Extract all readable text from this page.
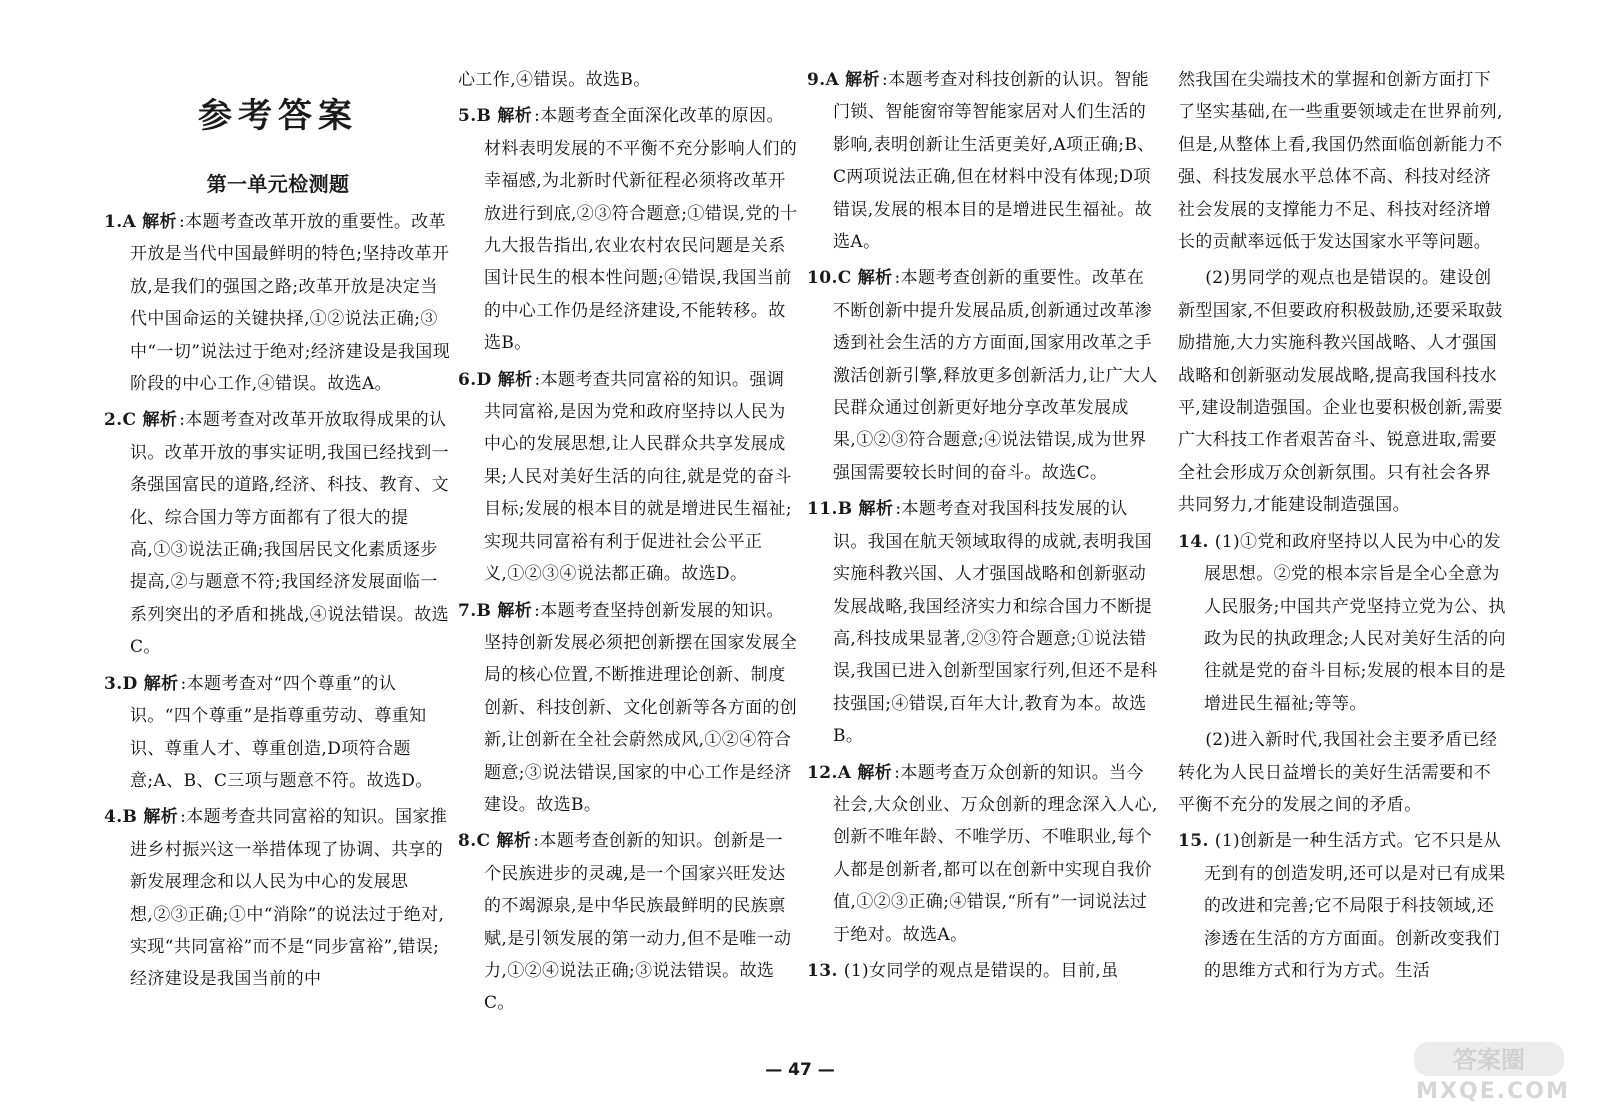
参考答案
第一单元检测题
1.A 解析 :本题考查改革开放的重要性。改革开放是当代中国最鲜明的特色;坚持改革开放,是我们的强国之路;改革开放是决定当代中国命运的关键抉择,①②说法正确;③中“一切”说法过于绝对;经济建设是我国现阶段的中心工作,④错误。故选A。
2.C 解析 :本题考查对改革开放取得成果的认识。改革开放的事实证明,我国已经找到一条强国富民的道路,经济、科技、教育、文化、综合国力等方面都有了很大的提高,①③说法正确;我国居民文化素质逐步提高,②与题意不符;我国经济发展面临一系列突出的矛盾和挑战,④说法错误。故选C。
3.D 解析 :本题考查对“四个尊重”的认识。“四个尊重”是指尊重劳动、尊重知识、尊重人才、尊重创造,D项符合题意;A、B、C三项与题意不符。故选D。
4.B 解析 :本题考查共同富裕的知识。国家推进乡村振兴这一举措体现了协调、共享的新发展理念和以人民为中心的发展思想,②③正确;①中“消除”的说法过于绝对,实现“共同富裕”而不是“同步富裕”,错误;经济建设是我国当前的中
心工作,④错误。故选B。
5.B 解析 :本题考查全面深化改革的原因。材料表明发展的不平衡不充分影响人们的幸福感,为北新时代新征程必须将改革开放进行到底,②③符合题意;①错误,党的十九大报告指出,农业农村农民问题是关系国计民生的根本性问题;④错误,我国当前的中心工作仍是经济建设,不能转移。故选B。
6.D 解析 :本题考查共同富裕的知识。强调共同富裕,是因为党和政府坚持以人民为中心的发展思想,让人民群众共享发展成果;人民对美好生活的向往,就是党的奋斗目标;发展的根本目的就是增进民生福祉;实现共同富裕有利于促进社会公平正义,①②③④说法都正确。故选D。
7.B 解析 :本题考查坚持创新发展的知识。坚持创新发展必须把创新摆在国家发展全局的核心位置,不断推进理论创新、制度创新、科技创新、文化创新等各方面的创新,让创新在全社会蔚然成风,①②④符合题意;③说法错误,国家的中心工作是经济建设。故选B。
8.C 解析 :本题考查创新的知识。创新是一个民族进步的灵魂,是一个国家兴旺发达的不竭源泉,是中华民族最鲜明的民族禀赋,是引领发展的第一动力,但不是唯一动力,①②④说法正确;③说法错误。故选C。
9.A 解析 :本题考查对科技创新的认识。智能门锁、智能窗帘等智能家居对人们生活的影响,表明创新让生活更美好,A项正确;B、C两项说法正确,但在材料中没有体现;D项错误,发展的根本目的是增进民生福祉。故选A。
10.C 解析 :本题考查创新的重要性。改革在不断创新中提升发展品质,创新通过改革渗透到社会生活的方方面面,国家用改革之手激活创新引擎,释放更多创新活力,让广大人民群众通过创新更好地分享改革发展成果,①②③符合题意;④说法错误,成为世界强国需要较长时间的奋斗。故选C。
11.B 解析 :本题考查对我国科技发展的认识。我国在航天领域取得的成就,表明我国实施科教兴国、人才强国战略和创新驱动发展战略,我国经济实力和综合国力不断提高,科技成果显著,②③符合题意;①说法错误,我国已进入创新型国家行列,但还不是科技强国;④错误,百年大计,教育为本。故选B。
12.A 解析 :本题考查万众创新的知识。当今社会,大众创业、万众创新的理念深入人心,创新不唯年龄、不唯学历、不唯职业,每个人都是创新者,都可以在创新中实现自我价值,①②③正确;④错误,“所有”一词说法过于绝对。故选A。
13. (1)女同学的观点是错误的。目前,虽
然我国在尖端技术的掌握和创新方面打下了坚实基础,在一些重要领域走在世界前列,但是,从整体上看,我国仍然面临创新能力不强、科技发展水平总体不高、科技对经济社会发展的支撑能力不足、科技对经济增长的贡献率远低于发达国家水平等问题。
(2)男同学的观点也是错误的。建设创新型国家,不但要政府积极鼓励,还要采取鼓励措施,大力实施科教兴国战略、人才强国战略和创新驱动发展战略,提高我国科技水平,建设制造强国。企业也要积极创新,需要广大科技工作者艰苦奋斗、锐意进取,需要全社会形成万众创新氛围。只有社会各界共同努力,才能建设制造强国。
14. (1)①党和政府坚持以人民为中心的发展思想。②党的根本宗旨是全心全意为人民服务;中国共产党坚持立党为公、执政为民的执政理念;人民对美好生活的向往就是党的奋斗目标;发展的根本目的是增进民生福祉;等等。
(2)进入新时代,我国社会主要矛盾已经转化为人民日益增长的美好生活需要和不平衡不充分的发展之间的矛盾。
15. (1)创新是一种生活方式。它不只是从无到有的创造发明,还可以是对已有成果的改进和完善;它不局限于科技领域,还渗透在生活的方方面面。创新改变我们的思维方式和行为方式。生活
— 47 —	答案圈
MXQE.COM
